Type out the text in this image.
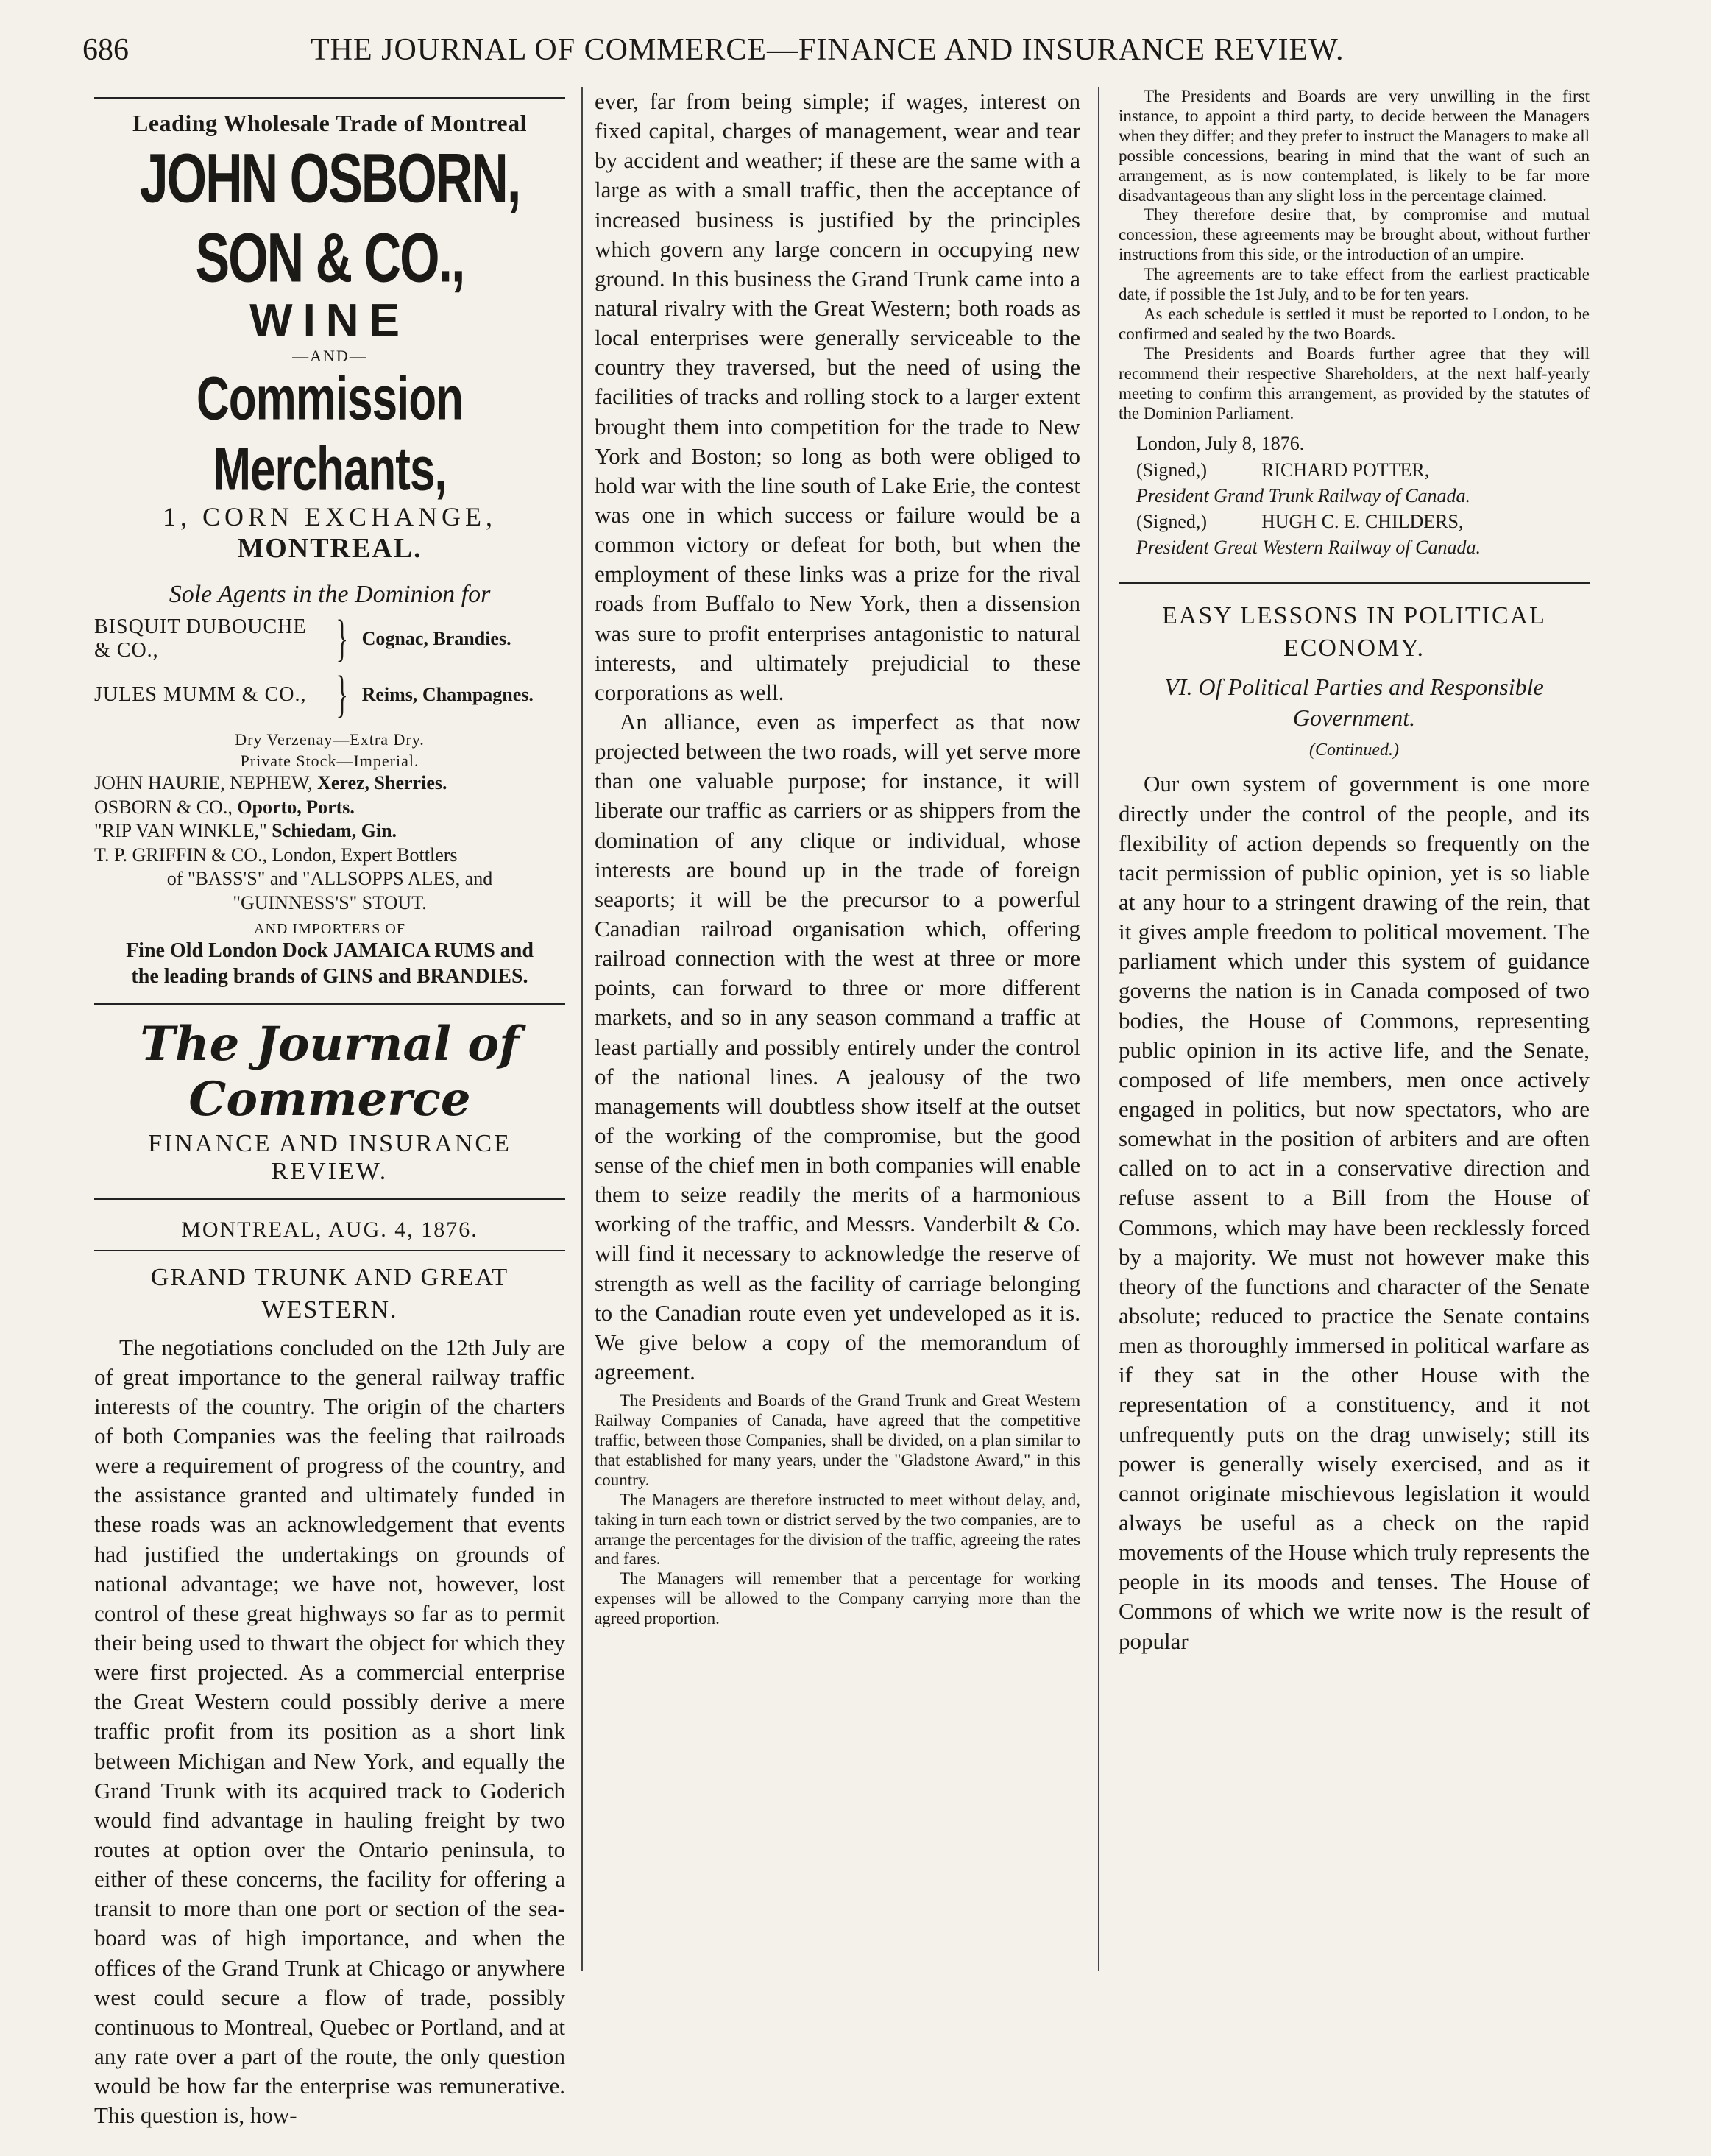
686	THE JOURNAL OF COMMERCE—FINANCE AND INSURANCE REVIEW.
Leading Wholesale Trade of Montreal
JOHN OSBORN, SON & CO.,
WINE
—AND—
Commission Merchants,
1, CORN EXCHANGE,
MONTREAL.
Sole Agents in the Dominion for
BISQUIT DUBOUCHE & CO.,	} Cognac, Brandies.
JULES MUMM & CO., } Reims, Champagnes.
Dry Verzenay—Extra Dry.
Private Stock—Imperial.
JOHN HAURIE, NEPHEW, Xerez, Sherries.
OSBORN & CO., Oporto, Ports.
"RIP VAN WINKLE," Schiedam, Gin.
T. P. GRIFFIN & CO., London, Expert Bottlers
of "BASS'S" and "ALLSOPPS ALES, and
"GUINNESS'S" STOUT.
AND IMPORTERS OF
Fine Old London Dock JAMAICA RUMS and
the leading brands of GINS and BRANDIES.
The Journal of Commerce
FINANCE AND INSURANCE REVIEW.
MONTREAL, AUG. 4, 1876.
GRAND TRUNK AND GREAT WESTERN.

The negotiations concluded on the 12th July are of great importance to the general railway traffic interests of the country. The origin of the charters of both Companies was the feeling that railroads were a requirement of progress of the country, and the assistance granted and ultimately funded in these roads was an acknowledgement that events had justified the undertakings on grounds of national advantage; we have not, however, lost control of these great highways so far as to permit their being used to thwart the object for which they were first projected. As a commercial enterprise the Great Western could possibly derive a mere traffic profit from its position as a short link between Michigan and New York, and equally the Grand Trunk with its acquired track to Goderich would find advantage in hauling freight by two routes at option over the Ontario peninsula, to either of these concerns, the facility for offering a transit to more than one port or section of the sea-board was of high importance, and when the offices of the Grand Trunk at Chicago or anywhere west could secure a flow of trade, possibly continuous to Montreal, Quebec or Portland, and at any rate over a part of the route, the only question would be how far the enterprise was remunerative. This question is, how-

ever, far from being simple; if wages, interest on fixed capital, charges of management, wear and tear by accident and weather; if these are the same with a large as with a small traffic, then the acceptance of increased business is justified by the principles which govern any large concern in occupying new ground. In this business the Grand Trunk came into a natural rivalry with the Great Western; both roads as local enterprises were generally serviceable to the country they traversed, but the need of using the facilities of tracks and rolling stock to a larger extent brought them into competition for the trade to New York and Boston; so long as both were obliged to hold war with the line south of Lake Erie, the contest was one in which success or failure would be a common victory or defeat for both, but when the employment of these links was a prize for the rival roads from Buffalo to New York, then a dissension was sure to profit enterprises antagonistic to natural interests, and ultimately prejudicial to these corporations as well.

An alliance, even as imperfect as that now projected between the two roads, will yet serve more than one valuable purpose; for instance, it will liberate our traffic as carriers or as shippers from the domination of any clique or individual, whose interests are bound up in the trade of foreign seaports; it will be the precursor to a powerful Canadian railroad organisation which, offering railroad connection with the west at three or more points, can forward to three or more different markets, and so in any season command a traffic at least partially and possibly entirely under the control of the national lines. A jealousy of the two managements will doubtless show itself at the outset of the working of the compromise, but the good sense of the chief men in both companies will enable them to seize readily the merits of a harmonious working of the traffic, and Messrs. Vanderbilt & Co. will find it necessary to acknowledge the reserve of strength as well as the facility of carriage belonging to the Canadian route even yet undeveloped as it is. We give below a copy of the memorandum of agreement.

The Presidents and Boards of the Grand Trunk and Great Western Railway Companies of Canada, have agreed that the competitive traffic, between those Companies, shall be divided, on a plan similar to that established for many years, under the "Gladstone Award," in this country.

The Managers are therefore instructed to meet without delay, and, taking in turn each town or district served by the two companies, are to arrange the percentages for the division of the traffic, agreeing the rates and fares.

The Managers will remember that a percentage for working expenses will be allowed to the Company carrying more than the agreed proportion.

The Presidents and Boards are very unwilling in the first instance, to appoint a third party, to decide between the Managers when they differ; and they prefer to instruct the Managers to make all possible concessions, bearing in mind that the want of such an arrangement, as is now contemplated, is likely to be far more disadvantageous than any slight loss in the percentage claimed.

They therefore desire that, by compromise and mutual concession, these agreements may be brought about, without further instructions from this side, or the introduction of an umpire.

The agreements are to take effect from the earliest practicable date, if possible the 1st July, and to be for ten years.

As each schedule is settled it must be reported to London, to be confirmed and sealed by the two Boards.

The Presidents and Boards further agree that they will recommend their respective Shareholders, at the next half-yearly meeting to confirm this arrangement, as provided by the statutes of the Dominion Parliament.

London, July 8, 1876.
(Signed,)	RICHARD POTTER,
President Grand Trunk Railway of Canada.
(Signed,)	HUGH C. E. CHILDERS,
President Great Western Railway of Canada.
EASY LESSONS IN POLITICAL ECONOMY.
VI. Of Political Parties and Responsible Government.
(Continued.)

Our own system of government is one more directly under the control of the people, and its flexibility of action depends so frequently on the tacit permission of public opinion, yet is so liable at any hour to a stringent drawing of the rein, that it gives ample freedom to political movement. The parliament which under this system of guidance governs the nation is in Canada composed of two bodies, the House of Commons, representing public opinion in its active life, and the Senate, composed of life members, men once actively engaged in politics, but now spectators, who are somewhat in the position of arbiters and are often called on to act in a conservative direction and refuse assent to a Bill from the House of Commons, which may have been recklessly forced by a majority. We must not however make this theory of the functions and character of the Senate absolute; reduced to practice the Senate contains men as thoroughly immersed in political warfare as if they sat in the other House with the representation of a constituency, and it not unfrequently puts on the drag unwisely; still its power is generally wisely exercised, and as it cannot originate mischievous legislation it would always be useful as a check on the rapid movements of the House which truly represents the people in its moods and tenses. The House of Commons of which we write now is the result of popular
